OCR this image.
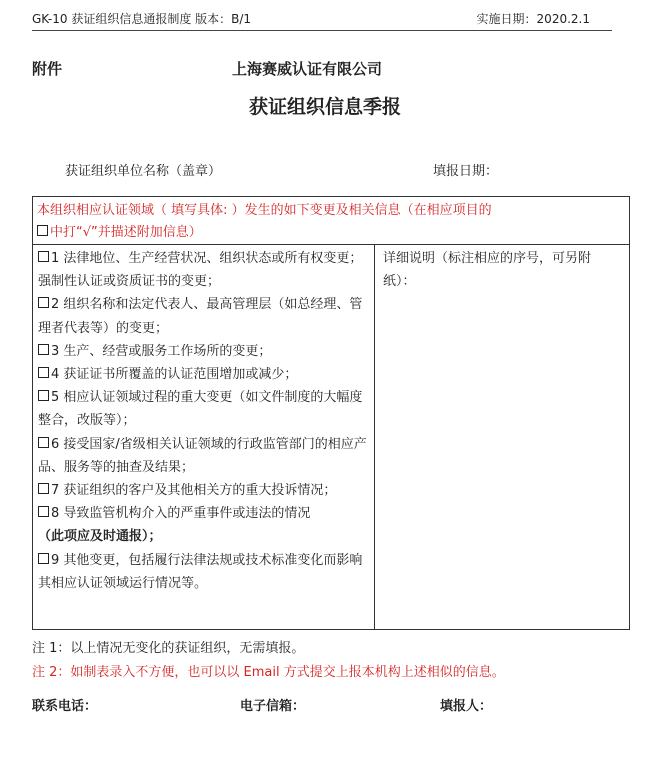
GK-10 获证组织信息通报制度 版本：B/1	实施日期：2020.2.1
附件	上海赛威认证有限公司
获证组织信息季报
获证组织单位名称（盖章）	填报日期：
本组织相应认证领域（ 填写具体: ）发生的如下变更及相关信息（在相应项目的
中打“√”并描述附加信息）
1 法律地位、生产经营状况、组织状态或所有权变更；强制性认证或资质证书的变更；
2 组织名称和法定代表人、最高管理层（如总经理、管理者代表等）的变更；
3 生产、经营或服务工作场所的变更；
4 获证证书所覆盖的认证范围增加或减少；
5 相应认证领域过程的重大变更（如文件制度的大幅度整合，改版等）；
6 接受国家/省级相关认证领域的行政监管部门的相应产品、服务等的抽查及结果；
7 获证组织的客户及其他相关方的重大投诉情况；
8 导致监管机构介入的严重事件或违法的情况
（此项应及时通报）；
9 其他变更，包括履行法律法规或技术标准变化而影响其相应认证领域运行情况等。
详细说明（标注相应的序号，可另附纸）：
注 1：以上情况无变化的获证组织，无需填报。
注 2：如制表录入不方便，也可以以 Email 方式提交上报本机构上述相似的信息。
联系电话：	电子信箱：	填报人：
